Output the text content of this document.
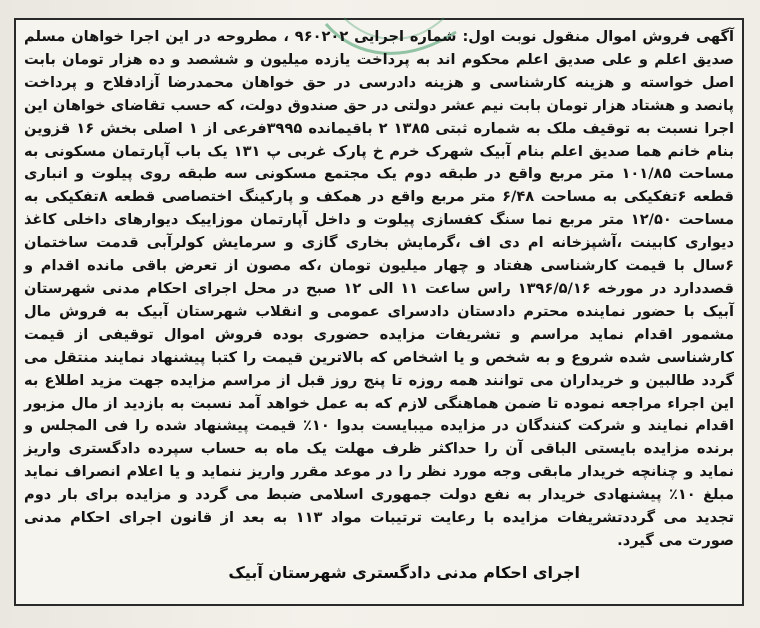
آگهی فروش اموال منقول نوبت اول: شماره اجرایی ۹۶۰۲۰۲ ، مطروحه در این اجرا خواهان مسلم صدیق اعلم و علی صدیق اعلم محکوم اند به پرداخت یازده میلیون و ششصد و ده هزار تومان بابت اصل خواسته و هزینه کارشناسی و هزینه دادرسی در حق خواهان محمدرضا آزادفلاح و پرداخت پانصد و هشتاد هزار تومان بابت نیم عشر دولتی در حق صندوق دولت، که حسب تقاضای خواهان این اجرا نسبت به توقیف ملک به شماره ثبتی ۱۳۸۵ ۲ باقیمانده ۳۹۹۵فرعی از ۱ اصلی بخش ۱۶ قزوین بنام خانم هما صدیق اعلم بنام آبیک شهرک خرم خ پارک غربی پ ۱۳۱ یک باب آپارتمان مسکونی به مساحت ۱۰۱/۸۵ متر مربع واقع در طبقه دوم یک مجتمع مسکونی سه طبقه روی پیلوت و انباری قطعه ۶تفکیکی به مساحت ۶/۴۸ متر مربع واقع در همکف و پارکینگ اختصاصی قطعه ۸تفکیکی به مساحت ۱۲/۵۰ متر مربع نما سنگ کفسازی پیلوت و داخل آپارتمان موزاییک دیوارهای داخلی کاغذ دیواری کابینت ،آشپزخانه ام دی اف ،گرمایش بخاری گازی و سرمایش کولرآبی قدمت ساختمان ۶سال با قیمت کارشناسی هفتاد و چهار میلیون تومان ،که مصون از تعرض باقی مانده اقدام و قصددارد در مورخه ۱۳۹۶/۵/۱۶ راس ساعت ۱۱ الی ۱۲ صبح در محل اجرای احکام مدنی شهرستان آبیک با حضور نماینده محترم دادستان دادسرای عمومی و انقلاب شهرستان آبیک به فروش مال مشمور اقدام نماید مراسم و تشریفات مزایده حضوری بوده فروش اموال توقیفی از قیمت کارشناسی شده شروع و به شخص و یا اشخاص که بالاترین قیمت را کتبا پیشنهاد نمایند منتقل می گردد طالبین و خریداران می توانند همه روزه تا پنج روز قبل از مراسم مزایده جهت مزید اطلاع به این اجراء مراجعه نموده تا ضمن هماهنگی لازم که به عمل خواهد آمد نسبت به بازدید از مال مزبور اقدام نمایند و شرکت کنندگان در مزایده میبایست بدوا ۱۰٪ قیمت پیشنهاد شده را فی المجلس و برنده مزایده بایستی الباقی آن را حداکثر ظرف مهلت یک ماه به حساب سپرده دادگستری واریز نماید و چنانچه خریدار مابقی وجه مورد نظر را در موعد مقرر واریز ننماید و یا اعلام انصراف نماید مبلغ ۱۰٪ پیشنهادی خریدار به نفع دولت جمهوری اسلامی ضبط می گردد و مزایده برای بار دوم تجدید می گرددتشریفات مزایده با رعایت ترتیبات مواد ۱۱۳ به بعد از قانون اجرای احکام مدنی صورت می گیرد.

اجرای احکام مدنی دادگستری شهرستان آبیک
